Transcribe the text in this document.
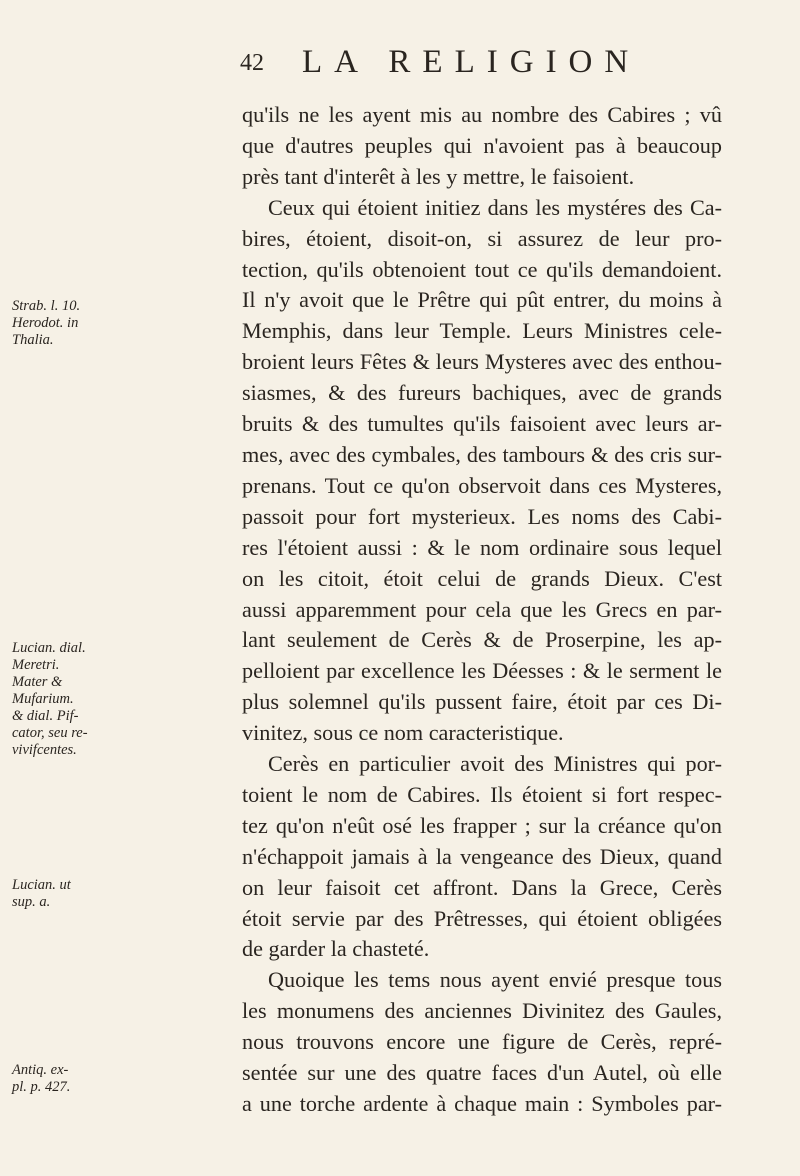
42 LA RELIGION
qu'ils ne les ayent mis au nombre des Cabires ; vû
que d'autres peuples qui n'avoient pas à beaucoup
près tant d'interêt à les y mettre, le faisoient.
Ceux qui étoient initiez dans les mystéres des Ca-
bires, étoient, disoit-on, si assurez de leur pro-
tection, qu'ils obtenoient tout ce qu'ils demandoient.
Il n'y avoit que le Prêtre qui pût entrer, du moins à
Memphis, dans leur Temple. Leurs Ministres cele-
broient leurs Fêtes & leurs Mysteres avec des enthou-
siasmes, & des fureurs bachiques, avec de grands
bruits & des tumultes qu'ils faisoient avec leurs ar-
mes, avec des cymbales, des tambours & des cris sur-
prenans. Tout ce qu'on observoit dans ces Mysteres,
passoit pour fort mysterieux. Les noms des Cabi-
res l'étoient aussi : & le nom ordinaire sous lequel
on les citoit, étoit celui de grands Dieux. C'est
aussi apparemment pour cela que les Grecs en par-
lant seulement de Cerès & de Proserpine, les ap-
pelloient par excellence les Déesses : & le serment le
plus solemnel qu'ils pussent faire, étoit par ces Di-
vinitez, sous ce nom caracteristique.
Cerès en particulier avoit des Ministres qui por-
toient le nom de Cabires. Ils étoient si fort respec-
tez qu'on n'eût osé les frapper ; sur la créance qu'on
n'échappoit jamais à la vengeance des Dieux, quand
on leur faisoit cet affront. Dans la Grece, Cerès
étoit servie par des Prêtresses, qui étoient obligées
de garder la chasteté.
Quoique les tems nous ayent envié presque tous
les monumens des anciennes Divinitez des Gaules,
nous trouvons encore une figure de Cerès, repré-
sentée sur une des quatre faces d'un Autel, où elle
a une torche ardente à chaque main : Symboles par-
Strab. l. 10.
Herodot. in
Thalia.
Lucian. dial.
Meretri.
Mater &
Mufarium.
& dial. Pif-
cator, seu re-
vivifcentes.
Lucian. ut
sup. a.
Antiq. ex-
pl. p. 427.
